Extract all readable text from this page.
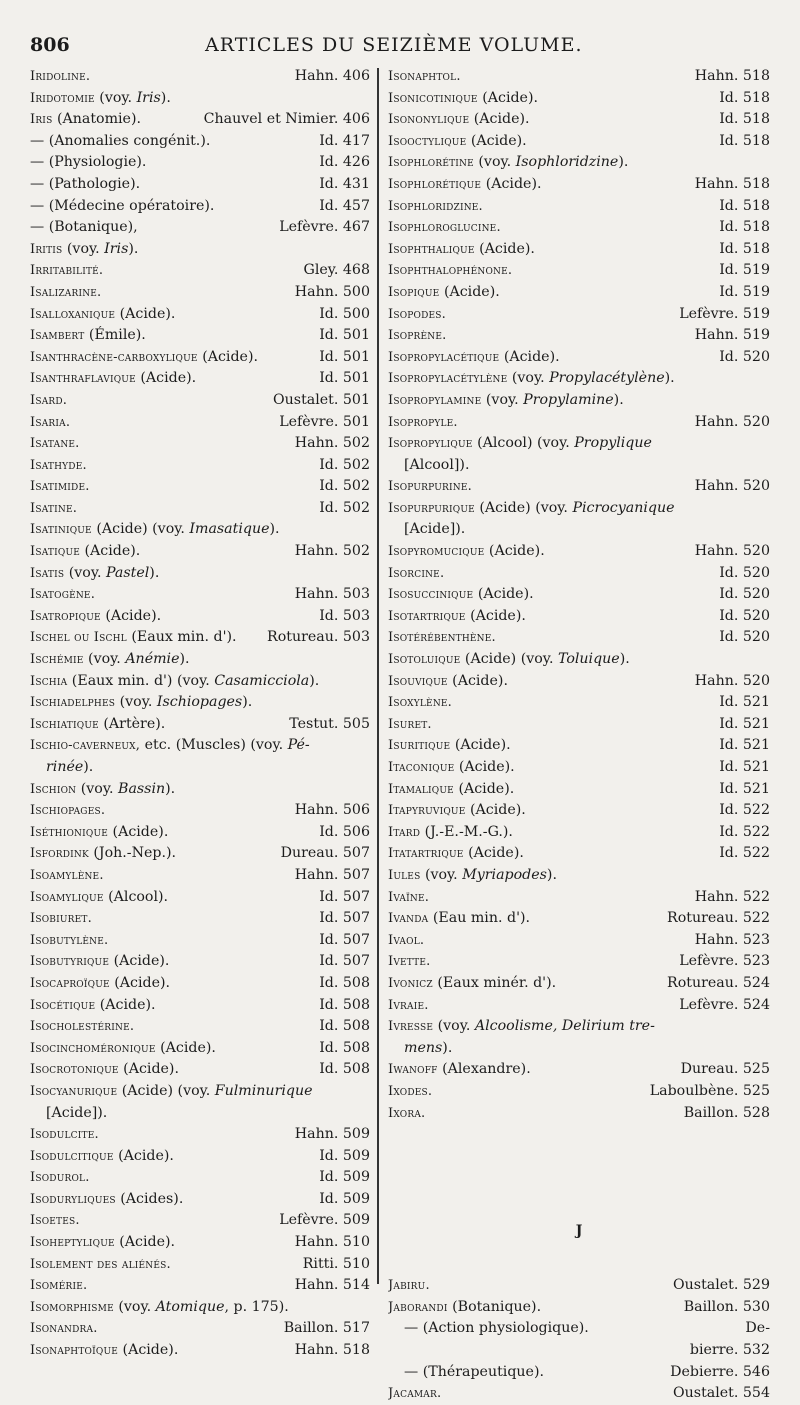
806	ARTICLES DU SEIZIÈME VOLUME.
Iridoline.	Hahn. 406
Iridotomie (voy. Iris).
Iris (Anatomie).	Chauvel et Nimier. 406
— (Anomalies congénit.).	Id. 417
— (Physiologie).	Id. 426
— (Pathologie).	Id. 431
— (Médecine opératoire).	Id. 457
— (Botanique),	Lefèvre. 467
Iritis (voy. Iris).
Irritabilité.	Gley. 468
Isalizarine.	Hahn. 500
Isalloxanique (Acide).	Id. 500
Isambert (Émile).	Id. 501
Isanthracène-carboxylique (Acide).	Id. 501
Isanthraflavique (Acide).	Id. 501
Isard.	Oustalet. 501
Isaria.	Lefèvre. 501
Isatane.	Hahn. 502
Isathyde.	Id. 502
Isatimide.	Id. 502
Isatine.	Id. 502
Isatinique (Acide) (voy. Imasatique).
Isatique (Acide).	Hahn. 502
Isatis (voy. Pastel).
Isatogène.	Hahn. 503
Isatropique (Acide).	Id. 503
Ischel ou Ischl (Eaux min. d').	Rotureau. 503
Ischémie (voy. Anémie).
Ischia (Eaux min. d') (voy. Casamicciola).
Ischiadelphes (voy. Ischiopages).
Ischiatique (Artère).	Testut. 505
Ischio-caverneux, etc. (Muscles) (voy. Pé-
rinée).
Ischion (voy. Bassin).
Ischiopages.	Hahn. 506
Iséthionique (Acide).	Id. 506
Isfordink (Joh.-Nep.).	Dureau. 507
Isoamylène.	Hahn. 507
Isoamylique (Alcool).	Id. 507
Isobiuret.	Id. 507
Isobutylène.	Id. 507
Isobutyrique (Acide).	Id. 507
Isocaproïque (Acide).	Id. 508
Isocétique (Acide).	Id. 508
Isocholestérine.	Id. 508
Isocinchoméronique (Acide).	Id. 508
Isocrotonique (Acide).	Id. 508
Isocyanurique (Acide) (voy. Fulminurique
[Acide]).
Isodulcite.	Hahn. 509
Isodulcitique (Acide).	Id. 509
Isodurol.	Id. 509
Isoduryliques (Acides).	Id. 509
Isoetes.	Lefèvre. 509
Isoheptylique (Acide).	Hahn. 510
Isolement des aliénés.	Ritti. 510
Isomérie.	Hahn. 514
Isomorphisme (voy. Atomique, p. 175).
Isonandra.	Baillon. 517
Isonaphtoïque (Acide).	Hahn. 518
Isonaphtol.	Hahn. 518
Isonicotinique (Acide).	Id. 518
Isononylique (Acide).	Id. 518
Isooctylique (Acide).	Id. 518
Isophlorétine (voy. Isophloridzine).
Isophlorétique (Acide).	Hahn. 518
Isophloridzine.	Id. 518
Isophloroglucine.	Id. 518
Isophthalique (Acide).	Id. 518
Isophthalophénone.	Id. 519
Isopique (Acide).	Id. 519
Isopodes.	Lefèvre. 519
Isoprène.	Hahn. 519
Isopropylacétique (Acide).	Id. 520
Isopropylacétylène (voy. Propylacétylène).
Isopropylamine (voy. Propylamine).
Isopropyle.	Hahn. 520
Isopropylique (Alcool) (voy. Propylique
[Alcool]).
Isopurpurine.	Hahn. 520
Isopurpurique (Acide) (voy. Picrocyanique
[Acide]).
Isopyromucique (Acide).	Hahn. 520
Isorcine.	Id. 520
Isosuccinique (Acide).	Id. 520
Isotartrique (Acide).	Id. 520
Isotérébenthène.	Id. 520
Isotoluique (Acide) (voy. Toluique).
Isouvique (Acide).	Hahn. 520
Isoxylène.	Id. 521
Isuret.	Id. 521
Isuritique (Acide).	Id. 521
Itaconique (Acide).	Id. 521
Itamalique (Acide).	Id. 521
Itapyruvique (Acide).	Id. 522
Itard (J.-E.-M.-G.).	Id. 522
Itatartrique (Acide).	Id. 522
Iules (voy. Myriapodes).
Ivaïne.	Hahn. 522
Ivanda (Eau min. d').	Rotureau. 522
Ivaol.	Hahn. 523
Ivette.	Lefèvre. 523
Ivonicz (Eaux minér. d').	Rotureau. 524
Ivraie.	Lefèvre. 524
Ivresse (voy. Alcoolisme, Delirium tre-
mens).
Iwanoff (Alexandre).	Dureau. 525
Ixodes.	Laboulbène. 525
Ixora.	Baillon. 528
J
Jabiru.	Oustalet. 529
Jaborandi (Botanique).	Baillon. 530
— (Action physiologique).	De-
bierre. 532
— (Thérapeutique).	Debierre. 546
Jacamar.	Oustalet. 554
